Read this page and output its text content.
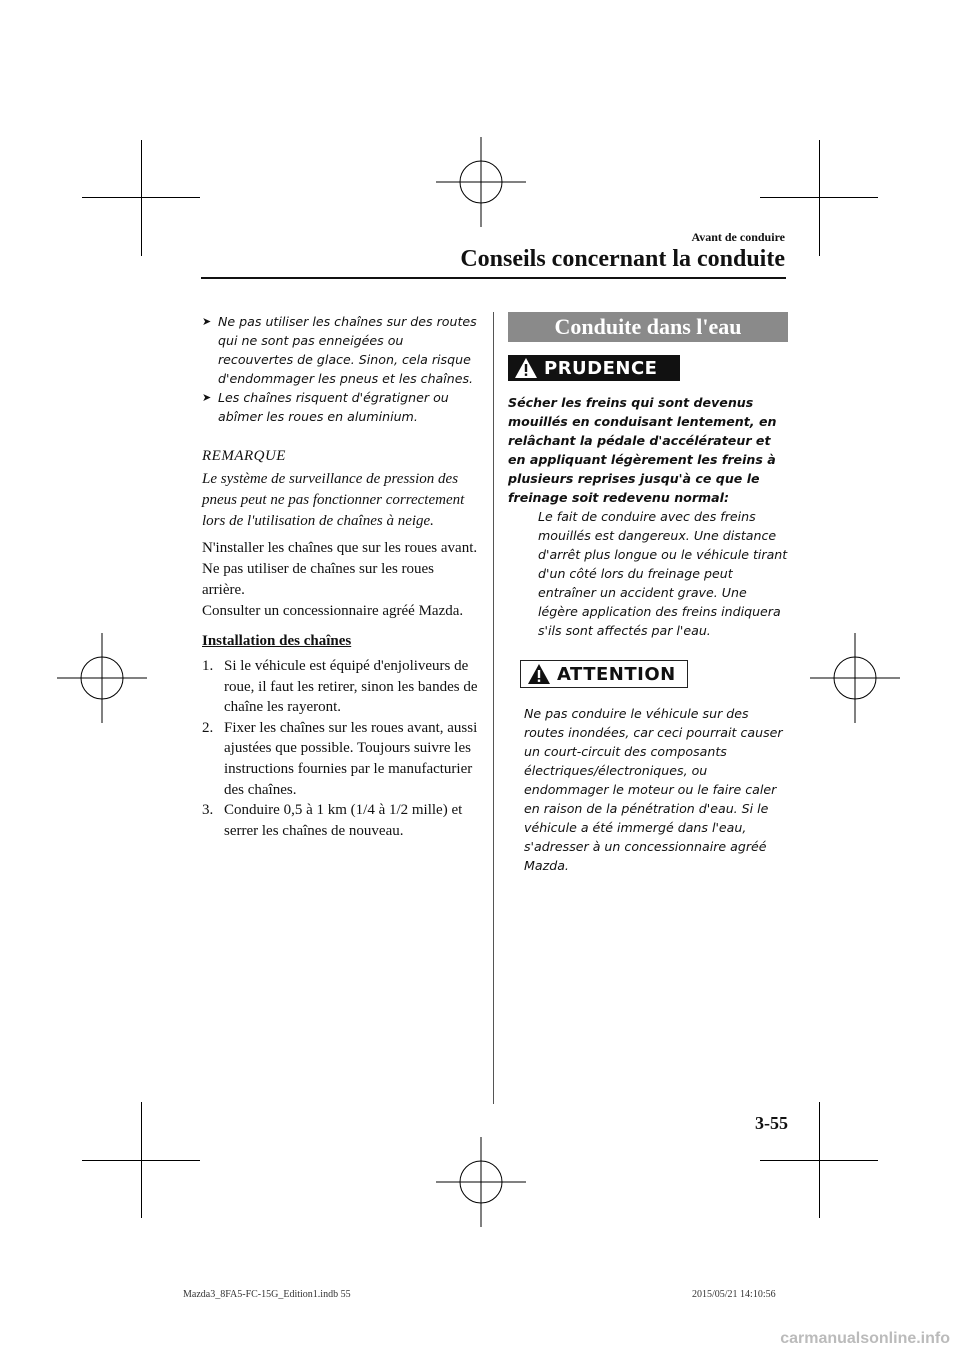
Avant de conduire
Conseils concernant la conduite
➤ Ne pas utiliser les chaînes sur des routes qui ne sont pas enneigées ou recouvertes de glace. Sinon, cela risque d'endommager les pneus et les chaînes.
➤ Les chaînes risquent d'égratigner ou abîmer les roues en aluminium.
REMARQUE
Le système de surveillance de pression des pneus peut ne pas fonctionner correctement lors de l'utilisation de chaînes à neige.
N'installer les chaînes que sur les roues avant.
Ne pas utiliser de chaînes sur les roues arrière.
Consulter un concessionnaire agréé Mazda.
Installation des chaînes
1. Si le véhicule est équipé d'enjoliveurs de roue, il faut les retirer, sinon les bandes de chaîne les rayeront.
2. Fixer les chaînes sur les roues avant, aussi ajustées que possible. Toujours suivre les instructions fournies par le manufacturier des chaînes.
3. Conduire 0,5 à 1 km (1/4 à 1/2 mille) et serrer les chaînes de nouveau.
Conduite dans l'eau
PRUDENCE
Sécher les freins qui sont devenus mouillés en conduisant lentement, en relâchant la pédale d'accélérateur et en appliquant légèrement les freins à plusieurs reprises jusqu'à ce que le freinage soit redevenu normal:
Le fait de conduire avec des freins mouillés est dangereux. Une distance d'arrêt plus longue ou le véhicule tirant d'un côté lors du freinage peut entraîner un accident grave. Une légère application des freins indiquera s'ils sont affectés par l'eau.
ATTENTION
Ne pas conduire le véhicule sur des routes inondées, car ceci pourrait causer un court-circuit des composants électriques/électroniques, ou endommager le moteur ou le faire caler en raison de la pénétration d'eau. Si le véhicule a été immergé dans l'eau, s'adresser à un concessionnaire agréé Mazda.
3-55
Mazda3_8FA5-FC-15G_Edition1.indb 55	2015/05/21 14:10:56
carmanualsonline.info
